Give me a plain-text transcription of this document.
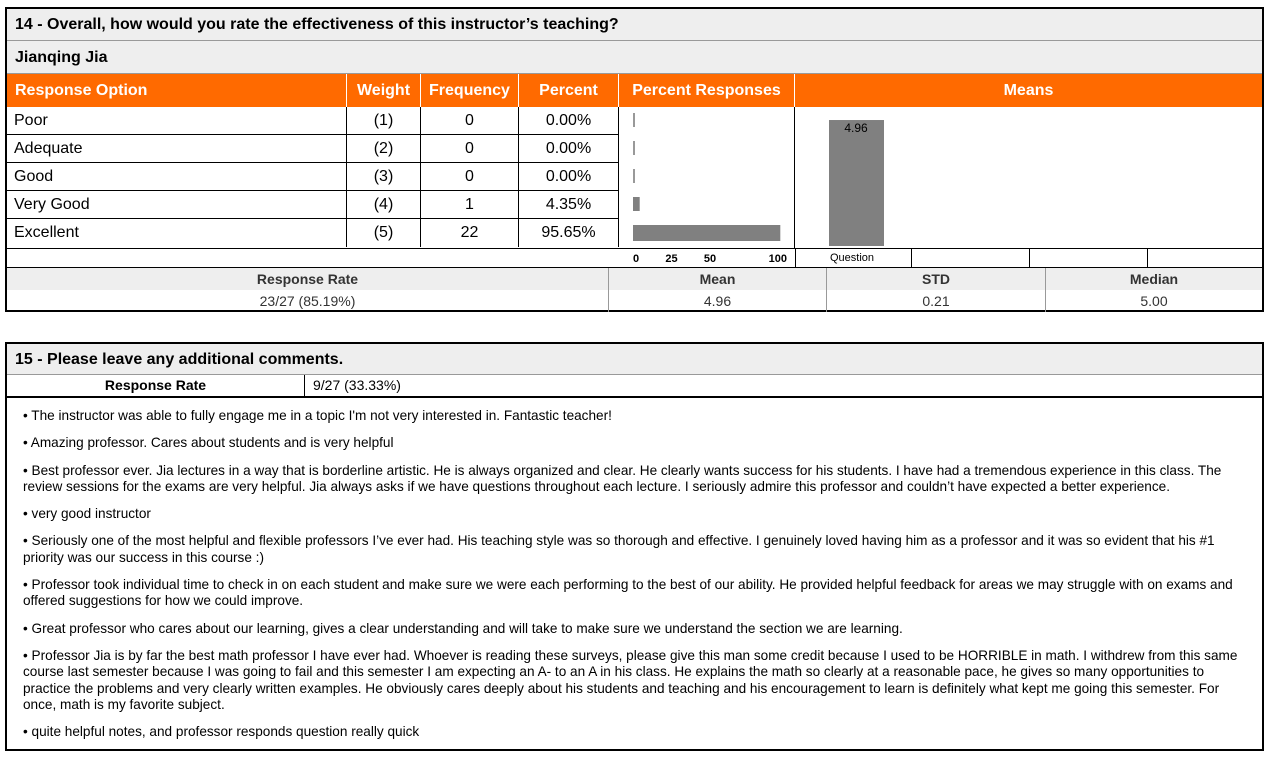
14 - Overall, how would you rate the effectiveness of this instructor’s teaching?
Jianqing Jia
Response Option	Weight	Frequency	Percent	Percent Responses	Means
Poor	(1)	0	0.00%
Adequate	(2)	0	0.00%
Good	(3)	0	0.00%
Very Good	(4)	1	4.35%
Excellent	(5)	22	95.65%
4.96
0 25 50	100	Question
Response Rate	Mean	STD	Median
23/27 (85.19%)	4.96	0.21	5.00
15 - Please leave any additional comments.
Response Rate	9/27 (33.33%)

• The instructor was able to fully engage me in a topic I'm not very interested in. Fantastic teacher!

• Amazing professor. Cares about students and is very helpful

• Best professor ever. Jia lectures in a way that is borderline artistic. He is always organized and clear. He clearly wants success for his students. I have had a tremendous experience in this class. The review sessions for the exams are very helpful. Jia always asks if we have questions throughout each lecture. I seriously admire this professor and couldn’t have expected a better experience.

• very good instructor

• Seriously one of the most helpful and flexible professors I’ve ever had. His teaching style was so thorough and effective. I genuinely loved having him as a professor and it was so evident that his #1 priority was our success in this course :)

• Professor took individual time to check in on each student and make sure we were each performing to the best of our ability. He provided helpful feedback for areas we may struggle with on exams and offered suggestions for how we could improve.

• Great professor who cares about our learning, gives a clear understanding and will take to make sure we understand the section we are learning.

• Professor Jia is by far the best math professor I have ever had. Whoever is reading these surveys, please give this man some credit because I used to be HORRIBLE in math. I withdrew from this same course last semester because I was going to fail and this semester I am expecting an A- to an A in his class. He explains the math so clearly at a reasonable pace, he gives so many opportunities to practice the problems and very clearly written examples. He obviously cares deeply about his students and teaching and his encouragement to learn is definitely what kept me going this semester. For once, math is my favorite subject.

• quite helpful notes, and professor responds question really quick
